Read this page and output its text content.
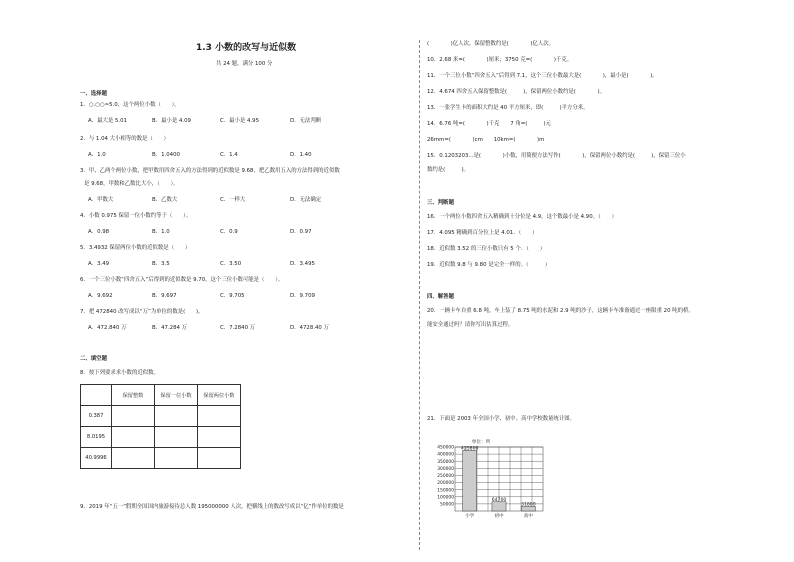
1.3 小数的改写与近似数
共 24 题，满分 100 分
一、选择题
1．○.○○≈5.0，这个两位小数（　　）。
A．最大是 5.01	B．最小是 4.09	C．最小是 4.95	D．无法判断
2．与 1.04 大小相等的数是（　　）
A．1.0	B．1.0400	C．1.4	D．1.40
3．甲、乙两个两位小数，把甲数用四舍五入的方法得到的近似数是 9.68，把乙数用五入的方法得到的近似数
是 9.68，甲数和乙数比大小，（　　）。
A．甲数大	B．乙数大	C．一样大	D．无法确定
4．小数 0.975 保留一位小数约等于（　　）。
A．0.98	B．1.0	C．0.9	D．0.97
5．3.4932 保留两位小数的近似数是（　　）
A．3.49	B．3.5	C．3.50	D．3.495
6．一个三位小数“四舍五入”后得到的近似数是 9.70，这个三位小数可能是（　　）。
A．9.692	B．9.697	C．9.705	D．9.709
7．把 472840 改写成以“万”为单位的数是(　　)。
A．472.840 万	B．47.284 万	C．7.2840 万	D．4728.40 万
二、填空题
8．按下列要求求小数的近似数。
	保留整数	保留一位小数	保留两位小数
0.387			
8.0195			
40.9996			
9．2019 年“五一”假期全国国内旅游接待总人数 195000000 人次，把横线上的数改写成以“亿”作单位的数是
(　　　　)亿人次，保留整数约是(　　　　)亿人次。
10．2.68 米=(　　　　)厘米；3750 克=(　　　　)千克。
11．一个三位小数“四舍五入”后得到 7.1，这个三位小数最大是(　　　　)，最小是(　　　　)。
12．4.674 四舍五入保留整数是(　　　)，保留两位小数约是(　　　　)。
13．一张学生卡的面积大约是 40 平方厘米，即(　　　)平方分米。
14．6.76 吨=(　　　　)千克　　7 角=(　　　)元
26mm=(　　　　)cm　　10km=(　　　　)m
15．0.1203203...是(　　　　)小数，用简便方法写作(　　　　)，保留两位小数约是(　　　)，保留三位小
数约是(　　　)。
三、判断题
16．一个两位小数四舍五入精确到十分位是 4.9，这个数最小是 4.90。（　　）
17．4.095 精确到百分位上是 4.01．（　　）
18．近似数 3.52 的三位小数只有 5 个．（　　）
19．近似数 9.8 与 9.80 是完全一样的。（　　　）
四、解答题
20．一辆卡车自重 6.8 吨，车上装了 8.75 吨的水泥和 2.9 吨的沙子，这辆卡车准备通过一座限重 20 吨的桥，
能安全通过吗？请你写出估算过程。
21．下面是 2003 年全国小学、初中、高中学校数量统计图。
单位：所
450000
400000
350000
300000
250000
200000
150000
100000
50000
425800
小学
64700
初中
31800
高中
